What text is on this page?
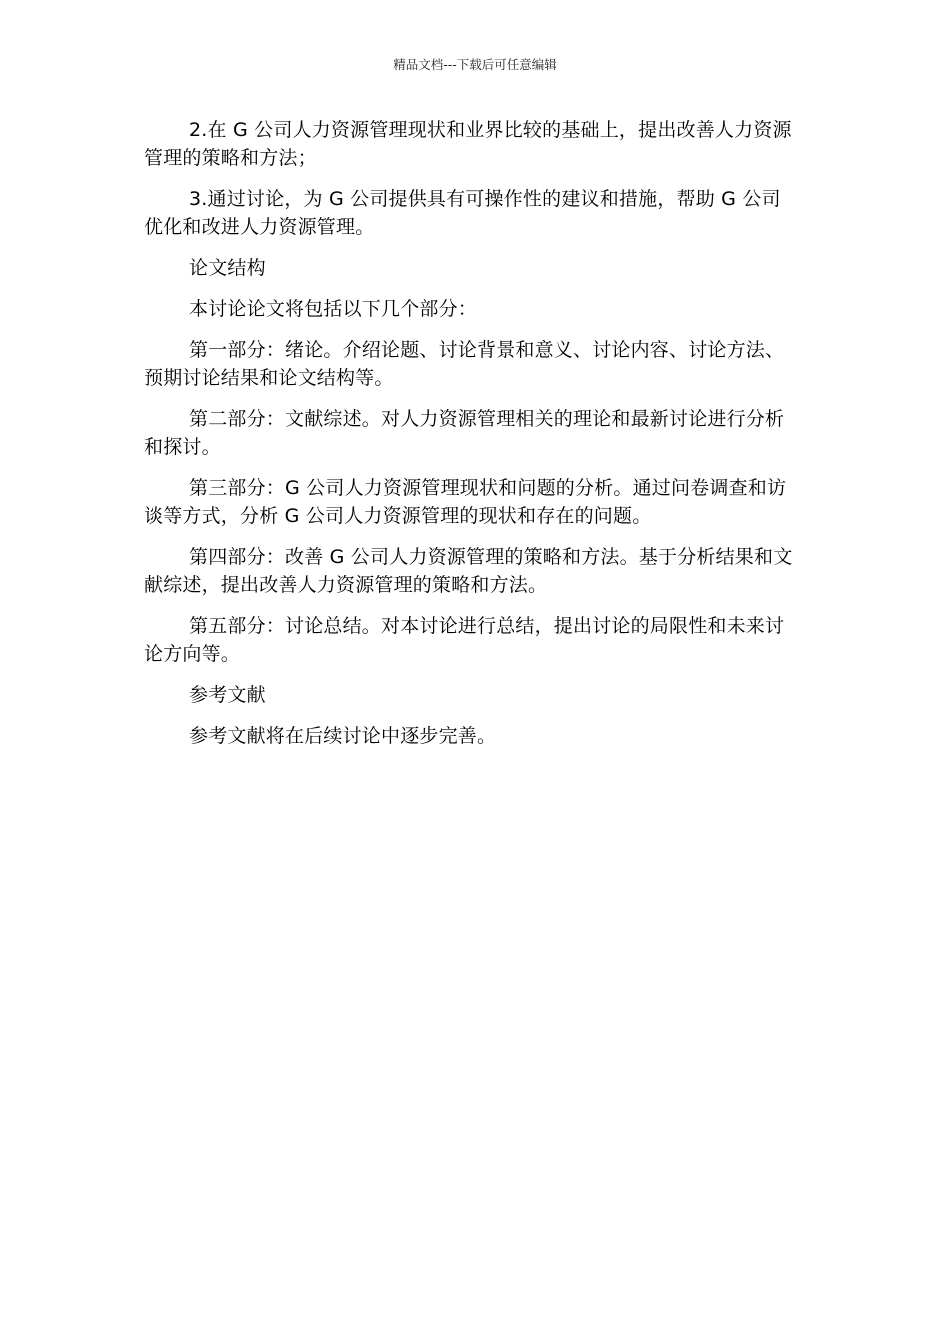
精品文档---下载后可任意编辑

2.在 G 公司人力资源管理现状和业界比较的基础上，提出改善人力资源管理的策略和方法；

3.通过讨论，为 G 公司提供具有可操作性的建议和措施，帮助 G 公司优化和改进人力资源管理。

论文结构

本讨论论文将包括以下几个部分：

第一部分：绪论。介绍论题、讨论背景和意义、讨论内容、讨论方法、预期讨论结果和论文结构等。

第二部分：文献综述。对人力资源管理相关的理论和最新讨论进行分析和探讨。

第三部分：G 公司人力资源管理现状和问题的分析。通过问卷调查和访谈等方式，分析 G 公司人力资源管理的现状和存在的问题。

第四部分：改善 G 公司人力资源管理的策略和方法。基于分析结果和文献综述，提出改善人力资源管理的策略和方法。

第五部分：讨论总结。对本讨论进行总结，提出讨论的局限性和未来讨论方向等。

参考文献

参考文献将在后续讨论中逐步完善。
